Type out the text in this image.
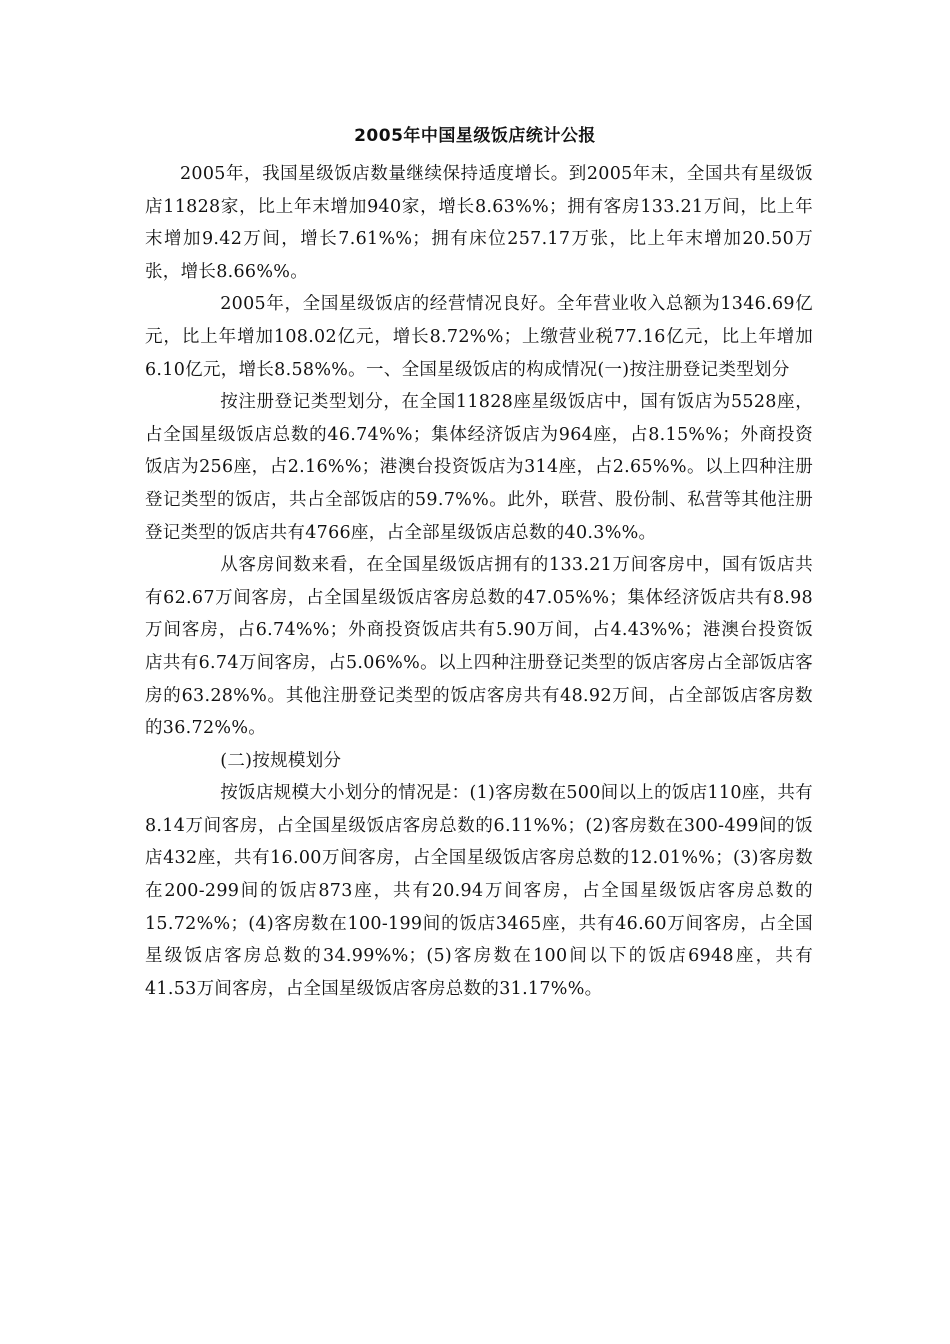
2005年中国星级饭店统计公报

2005年，我国星级饭店数量继续保持适度增长。到2005年末，全国共有星级饭店11828家，比上年末增加940家，增长8.63%%；拥有客房133.21万间，比上年末增加9.42万间，增长7.61%%；拥有床位257.17万张，比上年末增加20.50万张，增长8.66%%。

2005年，全国星级饭店的经营情况良好。全年营业收入总额为1346.69亿元，比上年增加108.02亿元，增长8.72%%；上缴营业税77.16亿元，比上年增加6.10亿元，增长8.58%%。一、全国星级饭店的构成情况(一)按注册登记类型划分

按注册登记类型划分，在全国11828座星级饭店中，国有饭店为5528座，占全国星级饭店总数的46.74%%；集体经济饭店为964座，占8.15%%；外商投资饭店为256座，占2.16%%；港澳台投资饭店为314座，占2.65%%。以上四种注册登记类型的饭店，共占全部饭店的59.7%%。此外，联营、股份制、私营等其他注册登记类型的饭店共有4766座，占全部星级饭店总数的40.3%%。

从客房间数来看，在全国星级饭店拥有的133.21万间客房中，国有饭店共有62.67万间客房，占全国星级饭店客房总数的47.05%%；集体经济饭店共有8.98万间客房，占6.74%%；外商投资饭店共有5.90万间，占4.43%%；港澳台投资饭店共有6.74万间客房，占5.06%%。以上四种注册登记类型的饭店客房占全部饭店客房的63.28%%。其他注册登记类型的饭店客房共有48.92万间，占全部饭店客房数的36.72%%。

(二)按规模划分

按饭店规模大小划分的情况是：(1)客房数在500间以上的饭店110座，共有8.14万间客房，占全国星级饭店客房总数的6.11%%；(2)客房数在300-499间的饭店432座，共有16.00万间客房，占全国星级饭店客房总数的12.01%%；(3)客房数在200-299间的饭店873座，共有20.94万间客房，占全国星级饭店客房总数的15.72%%；(4)客房数在100-199间的饭店3465座，共有46.60万间客房，占全国星级饭店客房总数的34.99%%；(5)客房数在100间以下的饭店6948座，共有41.53万间客房，占全国星级饭店客房总数的31.17%%。
